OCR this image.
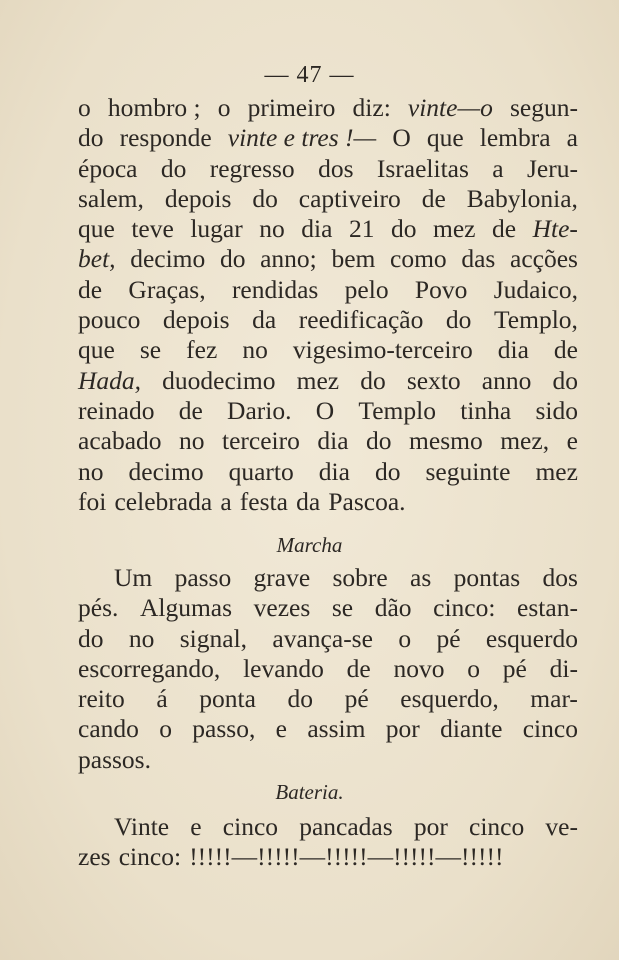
— 47 —
o hombro ; o primeiro diz: vinte—o segun-
do responde vinte e tres !— O que lembra a
época do regresso dos Israelitas a Jeru-
salem, depois do captiveiro de Babylonia,
que teve lugar no dia 21 do mez de Hte-
bet, decimo do anno; bem como das acções
de Graças, rendidas pelo Povo Judaico,
pouco depois da reedificação do Templo,
que se fez no vigesimo-terceiro dia de
Hada, duodecimo mez do sexto anno do
reinado de Dario. O Templo tinha sido
acabado no terceiro dia do mesmo mez, e
no decimo quarto dia do seguinte mez
foi celebrada a festa da Pascoa.
Marcha
Um passo grave sobre as pontas dos
pés. Algumas vezes se dão cinco: estan-
do no signal, avança-se o pé esquerdo
escorregando, levando de novo o pé di-
reito á ponta do pé esquerdo, mar-
cando o passo, e assim por diante cinco
passos.
Bateria.
Vinte e cinco pancadas por cinco ve-
zes cinco: !!!!!—!!!!!—!!!!!—!!!!!—!!!!!
